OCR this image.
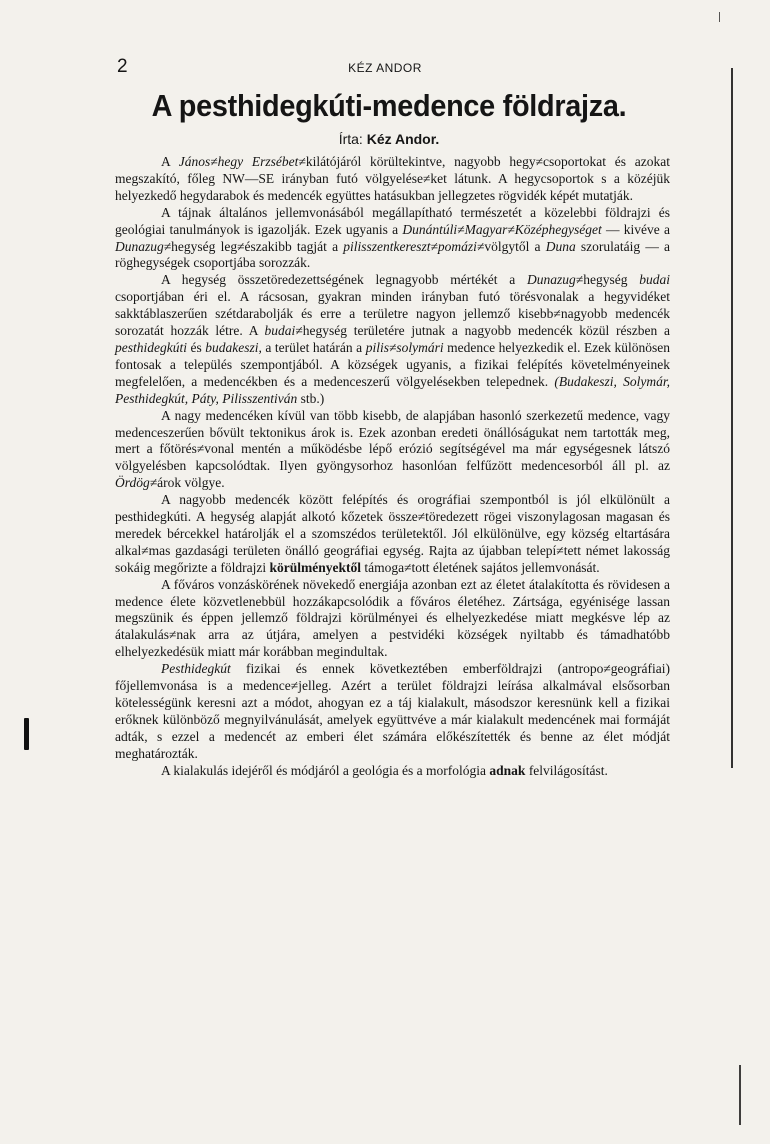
2	KÉZ ANDOR
A pesthidegkúti-medence földrajza.
Írta: Kéz Andor.

A János≠hegy Erzsébet≠kilátójáról körültekintve, nagyobb hegy≠csoportokat és azokat megszakító, főleg NW—SE irányban futó völgyelése≠ket látunk. A hegycsoportok s a közéjük helyezkedő hegydarabok és medencék együttes hatásukban jellegzetes rögvidék képét mutatják.

A tájnak általános jellemvonásából megállapítható természetét a közelebbi földrajzi és geológiai tanulmányok is igazolják. Ezek ugyanis a Dunántúli≠Magyar≠Középhegységet — kivéve a Dunazug≠hegység leg≠északibb tagját a pilisszentkereszt≠pomázi≠völgytől a Duna szorulatáig — a röghegységek csoportjába sorozzák.

A hegység összetöredezettségének legnagyobb mértékét a Dunazug≠hegység budai csoportjában éri el. A rácsosan, gyakran minden irányban futó törésvonalak a hegyvidéket sakktáblaszerűen szétdarabolják és erre a területre nagyon jellemző kisebb≠nagyobb medencék sorozatát hozzák létre. A budai≠hegység területére jutnak a nagyobb medencék közül részben a pesthidegkúti és budakeszi, a terület határán a pilis≠solymári medence helyezkedik el. Ezek különösen fontosak a település szempontjából. A községek ugyanis, a fizikai felépítés követelményeinek megfelelően, a medencékben és a medenceszerű völgyelésekben telepednek. (Budakeszi, Solymár, Pesthidegkút, Páty, Pilisszentiván stb.)

A nagy medencéken kívül van több kisebb, de alapjában hasonló szerkezetű medence, vagy medenceszerűen bővült tektonikus árok is. Ezek azonban eredeti önállóságukat nem tartották meg, mert a főtörés≠vonal mentén a működésbe lépő erózió segítségével ma már egységesnek látszó völgyelésben kapcsolódtak. Ilyen gyöngysorhoz hasonlóan felfűzött medencesorból áll pl. az Ördög≠árok völgye.

A nagyobb medencék között felépítés és orográfiai szempontból is jól elkülönült a pesthidegkúti. A hegység alapját alkotó kőzetek össze≠töredezett rögei viszonylagosan magasan és meredek bércekkel határolják el a szomszédos területektől. Jól elkülönülve, egy község eltartására alkal≠mas gazdasági területen önálló geográfiai egység. Rajta az újabban telepí≠tett német lakosság sokáig megőrizte a földrajzi körülményektől támoga≠tott életének sajátos jellemvonását.

A főváros vonzáskörének növekedő energiája azonban ezt az életet átalakította és rövidesen a medence élete közvetlenebbül hozzákapcsolódik a főváros életéhez. Zártsága, egyénisége lassan megszünik és éppen jellemző földrajzi körülményei és elhelyezkedése miatt megkésve lép az átalakulás≠nak arra az útjára, amelyen a pestvidéki községek nyiltabb és támadhatóbb elhelyezkedésük miatt már korábban megindultak.

Pesthidegkút fizikai és ennek következtében emberföldrajzi (antropo≠geográfiai) főjellemvonása is a medence≠jelleg. Azért a terület földrajzi leírása alkalmával elsősorban kötelességünk keresni azt a módot, ahogyan ez a táj kialakult, másodszor keresnünk kell a fizikai erőknek különböző megnyilvánulását, amelyek együttvéve a már kialakult medencének mai formáját adták, s ezzel a medencét az emberi élet számára előkészítették és benne az élet módját meghatározták.

A kialakulás idejéről és módjáról a geológia és a morfológia adnak felvilágosítást.
